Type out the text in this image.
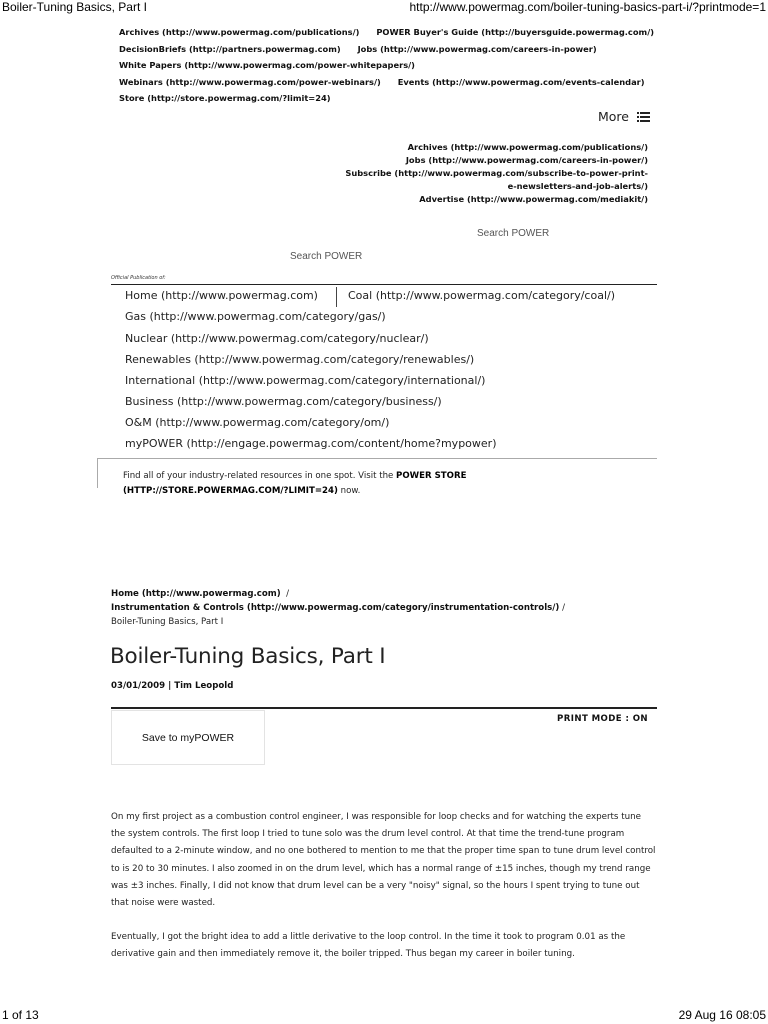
Boiler-Tuning Basics, Part I	http://www.powermag.com/boiler-tuning-basics-part-i/?printmode=1
Archives (http://www.powermag.com/publications/) POWER Buyer's Guide (http://buyersguide.powermag.com/)
DecisionBriefs (http://partners.powermag.com) Jobs (http://www.powermag.com/careers-in-power)
White Papers (http://www.powermag.com/power-whitepapers/)
Webinars (http://www.powermag.com/power-webinars/) Events (http://www.powermag.com/events-calendar)
Store (http://store.powermag.com/?limit=24)
More
Archives (http://www.powermag.com/publications/)
Jobs (http://www.powermag.com/careers-in-power/)
Subscribe (http://www.powermag.com/subscribe-to-power-print-
e-newsletters-and-job-alerts/)
Advertise (http://www.powermag.com/mediakit/)
Search POWER
Search POWER
Official Publication of:
Home (http://www.powermag.com)	Coal (http://www.powermag.com/category/coal/)
Gas (http://www.powermag.com/category/gas/)
Nuclear (http://www.powermag.com/category/nuclear/)
Renewables (http://www.powermag.com/category/renewables/)
International (http://www.powermag.com/category/international/)
Business (http://www.powermag.com/category/business/)
O&M (http://www.powermag.com/category/om/)
myPOWER (http://engage.powermag.com/content/home?mypower)
Find all of your industry-related resources in one spot. Visit the POWER STORE
(HTTP://STORE.POWERMAG.COM/?LIMIT=24) now.
Home (http://www.powermag.com) /
Instrumentation & Controls (http://www.powermag.com/category/instrumentation-controls/) /
Boiler-Tuning Basics, Part I
Boiler-Tuning Basics, Part I
03/01/2009 | Tim Leopold
PRINT MODE : ON
Save to myPOWER

On my first project as a combustion control engineer, I was responsible for loop checks and for watching the experts tune the system controls. The first loop I tried to tune solo was the drum level control. At that time the trend-tune program defaulted to a 2-minute window, and no one bothered to mention to me that the proper time span to tune drum level control to is 20 to 30 minutes. I also zoomed in on the drum level, which has a normal range of ±15 inches, though my trend range was ±3 inches. Finally, I did not know that drum level can be a very "noisy" signal, so the hours I spent trying to tune out that noise were wasted.

Eventually, I got the bright idea to add a little derivative to the loop control. In the time it took to program 0.01 as the derivative gain and then immediately remove it, the boiler tripped. Thus began my career in boiler tuning.

1 of 13	29 Aug 16 08:05
